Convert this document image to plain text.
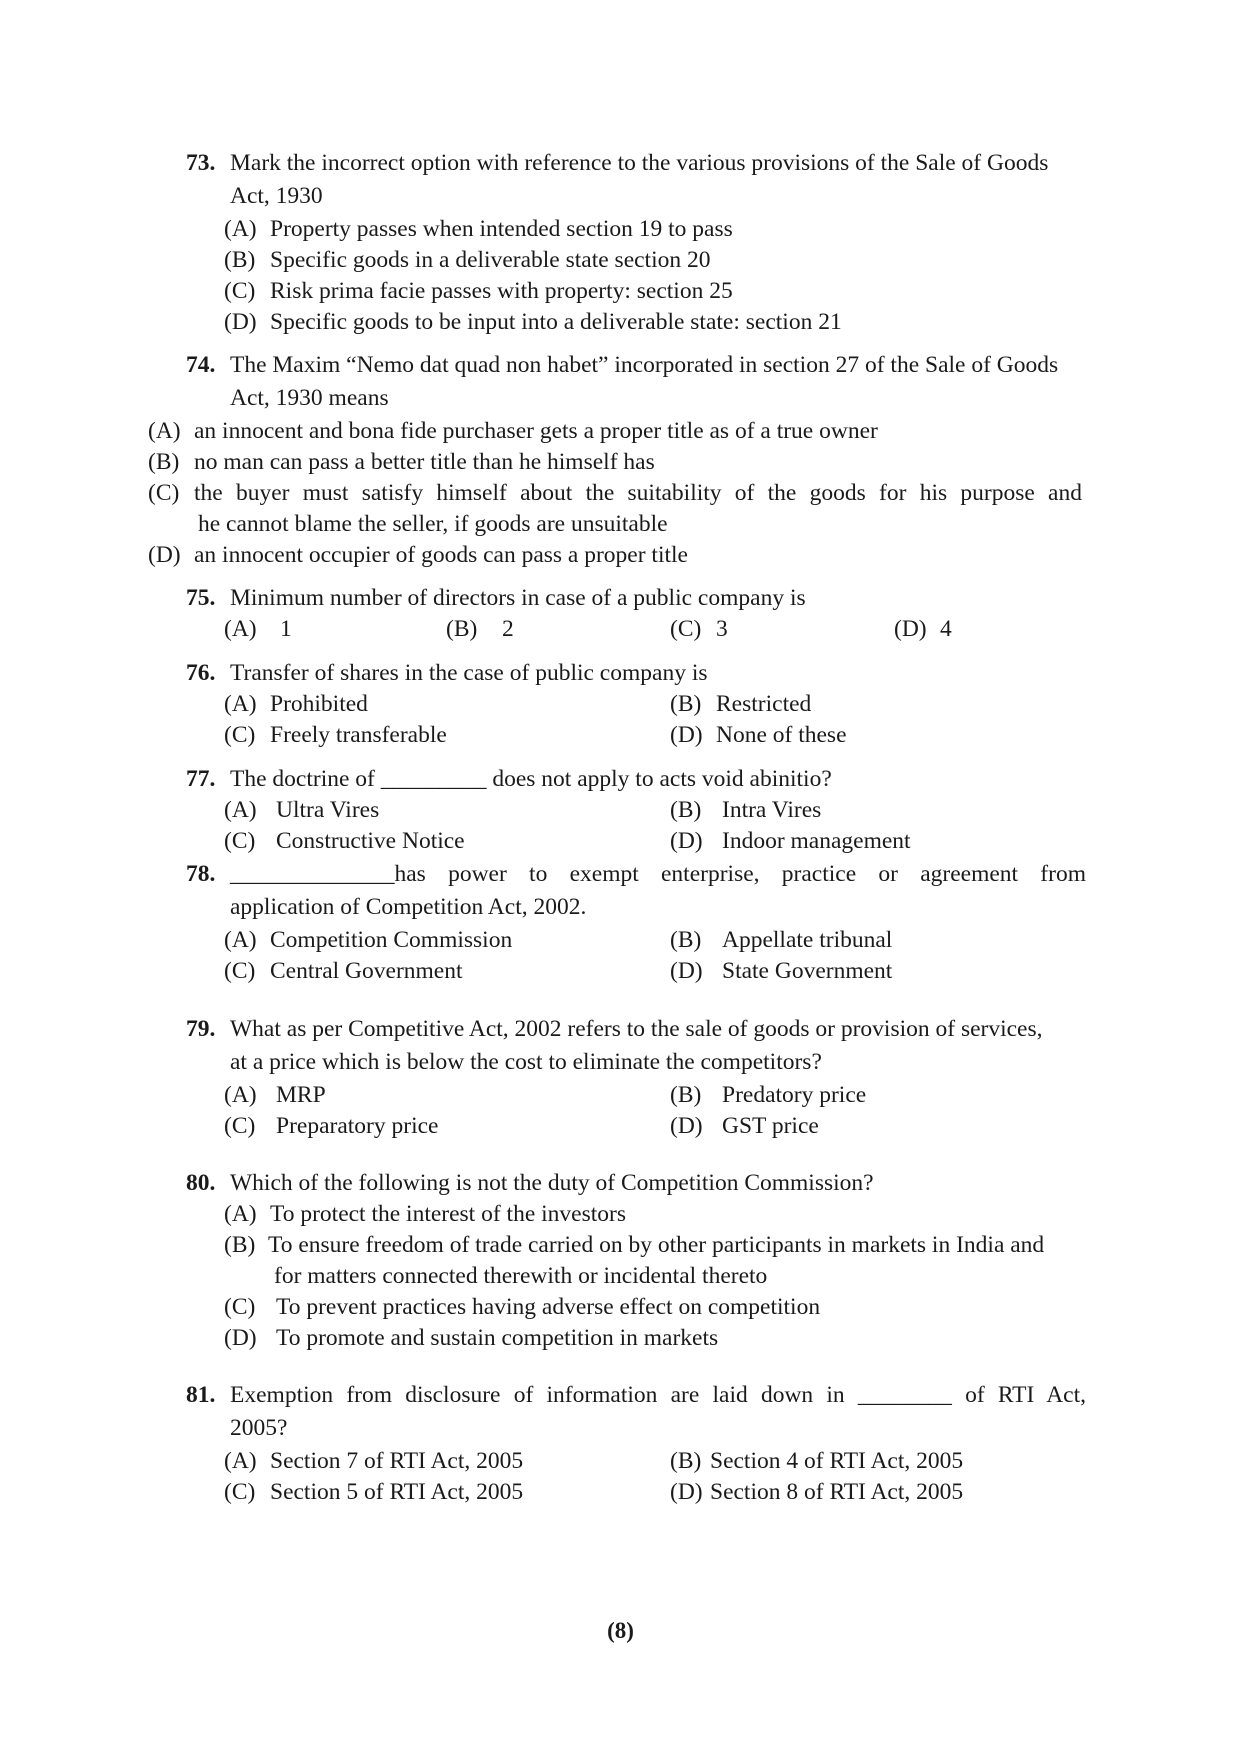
73. Mark the incorrect option with reference to the various provisions of the Sale of Goods
Act, 1930
(A) Property passes when intended section 19 to pass
(B) Specific goods in a deliverable state section 20
(C) Risk prima facie passes with property: section 25
(D) Specific goods to be input into a deliverable state: section 21
74. The Maxim “Nemo dat quad non habet” incorporated in section 27 of the Sale of Goods
Act, 1930 means
(A) an innocent and bona fide purchaser gets a proper title as of a true owner
(B) no man can pass a better title than he himself has
(C) the buyer must satisfy himself about the suitability of the goods for his purpose and
he cannot blame the seller, if goods are unsuitable
(D) an innocent occupier of goods can pass a proper title
75. Minimum number of directors in case of a public company is
(A) 1	(B) 2	(C) 3	(D) 4
76. Transfer of shares in the case of public company is
(A) Prohibited	(B) Restricted
(C) Freely transferable	(D) None of these
77. The doctrine of _________ does not apply to acts void abinitio?
(A) Ultra Vires	(B) Intra Vires
(C) Constructive Notice	(D) Indoor management
78. ______________has power to exempt enterprise, practice or agreement from
application of Competition Act, 2002.
(A) Competition Commission	(B) Appellate tribunal
(C) Central Government	(D) State Government
79. What as per Competitive Act, 2002 refers to the sale of goods or provision of services,
at a price which is below the cost to eliminate the competitors?
(A) MRP	(B) Predatory price
(C) Preparatory price	(D) GST price
80. Which of the following is not the duty of Competition Commission?
(A) To protect the interest of the investors
(B) To ensure freedom of trade carried on by other participants in markets in India and
for matters connected therewith or incidental thereto
(C) To prevent practices having adverse effect on competition
(D) To promote and sustain competition in markets
81. Exemption from disclosure of information are laid down in ________ of RTI Act,
2005?
(A) Section 7 of RTI Act, 2005	(B) Section 4 of RTI Act, 2005
(C) Section 5 of RTI Act, 2005	(D) Section 8 of RTI Act, 2005
(8)
